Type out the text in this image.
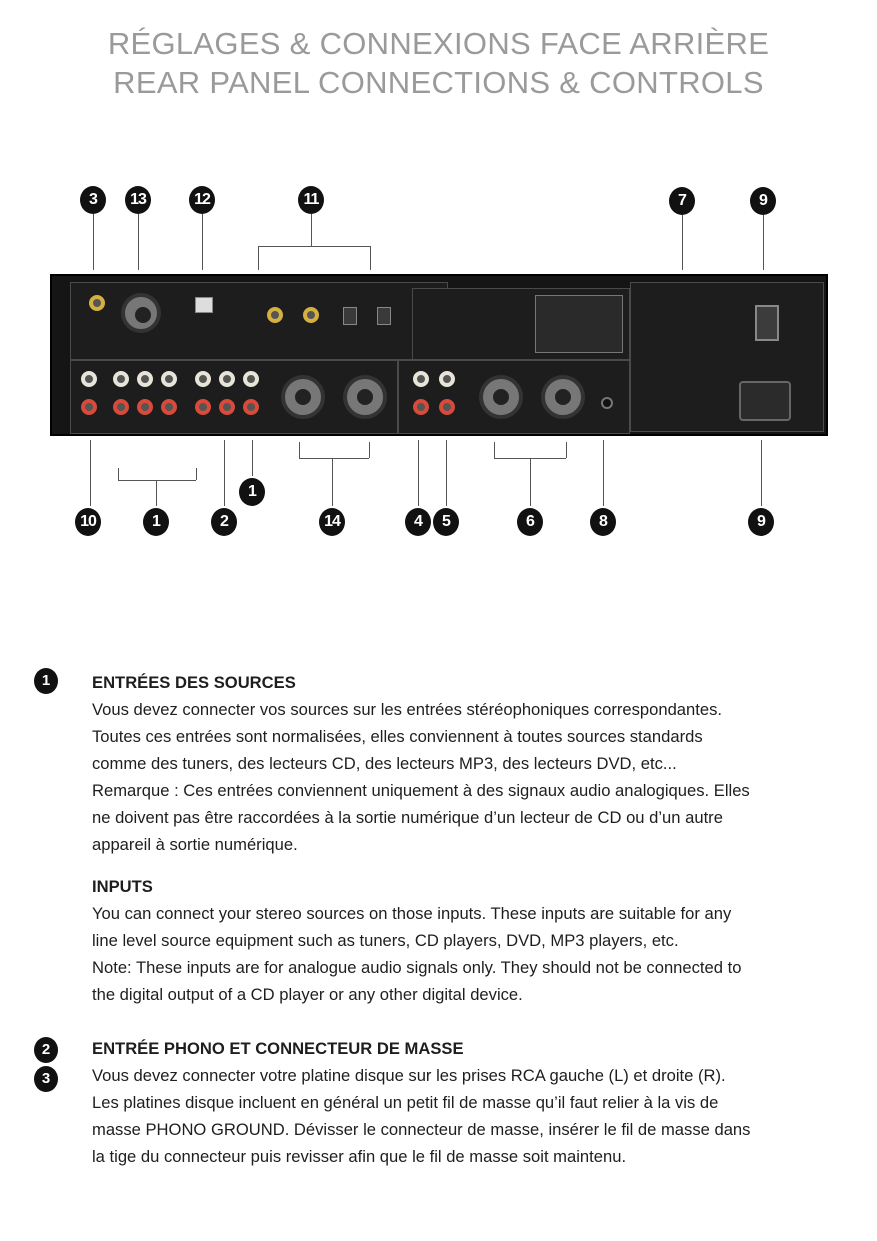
RÉGLAGES & CONNEXIONS FACE ARRIÈRE
REAR PANEL CONNECTIONS & CONTROLS
3	13	12	11	7	9
1
10	1	2	14	4	5	6	8	9
1	ENTRÉES DES SOURCES
Vous devez connecter vos sources sur les entrées stéréophoniques correspondantes.
Toutes ces entrées sont normalisées, elles conviennent à toutes sources standards
comme des tuners, des lecteurs CD, des lecteurs MP3, des lecteurs DVD, etc...
Remarque : Ces entrées conviennent uniquement à des signaux audio analogiques. Elles
ne doivent pas être raccordées à la sortie numérique d’un lecteur de CD ou d’un autre
appareil à sortie numérique.
INPUTS
You can connect your stereo sources on those inputs. These inputs are suitable for any
line level source equipment such as tuners, CD players, DVD, MP3 players, etc.
Note: These inputs are for analogue audio signals only. They should not be connected to
the digital output of a CD player or any other digital device.
2
3
ENTRÉE PHONO ET CONNECTEUR DE MASSE
Vous devez connecter votre platine disque sur les prises RCA gauche (L) et droite (R).
Les platines disque incluent en général un petit fil de masse qu’il faut relier à la vis de
masse PHONO GROUND. Dévisser le connecteur de masse, insérer le fil de masse dans
la tige du connecteur puis revisser afin que le fil de masse soit maintenu.
